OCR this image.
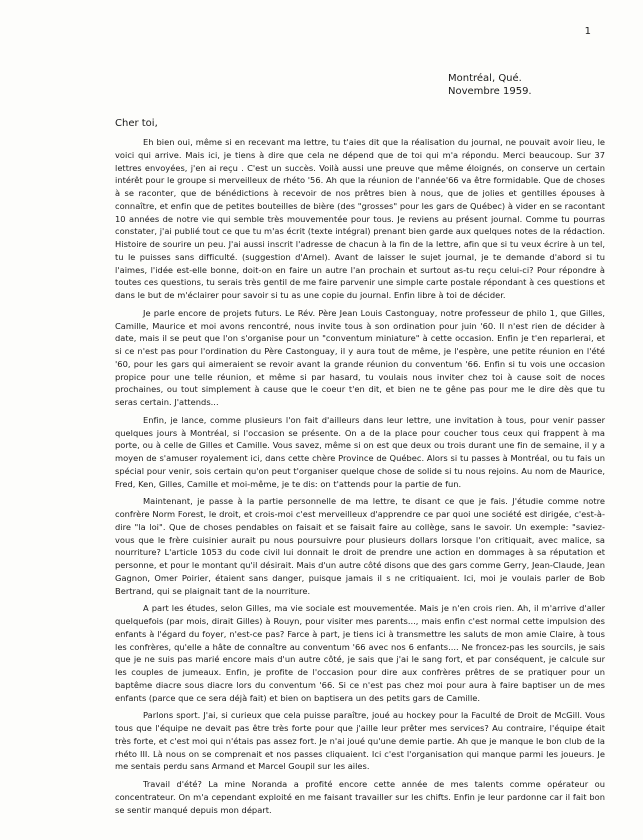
1
Montréal, Qué.
Novembre 1959.
Cher toi,

Eh bien oui, même si en recevant ma lettre, tu t'aies dit que la réalisation du journal, ne pouvait avoir lieu, le voici qui arrive. Mais ici, je tiens à dire que cela ne dépend que de toi qui m'a répondu. Merci beaucoup. Sur 37 lettres envoyées, j'en ai reçu . C'est un succès. Voilà aussi une preuve que même éloignés, on conserve un certain intérêt pour le groupe si merveilleux de rhéto '56. Ah que la réunion de l'année'66 va être formidable. Que de choses à se raconter, que de bénédictions à recevoir de nos prêtres bien à nous, que de jolies et gentilles épouses à connaître, et enfin que de petites bouteilles de bière (des "grosses" pour les gars de Québec) à vider en se racontant 10 années de notre vie qui semble très mouvementée pour tous. Je reviens au présent journal. Comme tu pourras constater, j'ai publié tout ce que tu m'as écrit (texte intégral) prenant bien garde aux quelques notes de la rédaction. Histoire de sourire un peu. J'ai aussi inscrit l'adresse de chacun à la fin de la lettre, afin que si tu veux écrire à un tel, tu le puisses sans difficulté. (suggestion d'Arnel). Avant de laisser le sujet journal, je te demande d'abord si tu l'aimes, l'idée est-elle bonne, doit-on en faire un autre l'an prochain et surtout as-tu reçu celui-ci? Pour répondre à toutes ces questions, tu serais très gentil de me faire parvenir une simple carte postale répondant à ces questions et dans le but de m'éclairer pour savoir si tu as une copie du journal. Enfin libre à toi de décider.

Je parle encore de projets futurs. Le Rév. Père Jean Louis Castonguay, notre professeur de philo 1, que Gilles, Camille, Maurice et moi avons rencontré, nous invite tous à son ordination pour juin '60. Il n'est rien de décider à date, mais il se peut que l'on s'organise pour un "conventum miniature" à cette occasion. Enfin je t'en reparlerai, et si ce n'est pas pour l'ordination du Père Castonguay, il y aura tout de même, je l'espère, une petite réunion en l'été '60, pour les gars qui aimeraient se revoir avant la grande réunion du conventum '66. Enfin si tu vois une occasion propice pour une telle réunion, et même si par hasard, tu voulais nous inviter chez toi à cause soit de noces prochaines, ou tout simplement à cause que le coeur t'en dit, et bien ne te gêne pas pour me le dire dès que tu seras certain. J'attends...

Enfin, je lance, comme plusieurs l'on fait d'ailleurs dans leur lettre, une invitation à tous, pour venir passer quelques jours à Montréal, si l'occasion se présente. On a de la place pour coucher tous ceux qui frappent à ma porte, ou à celle de Gilles et Camille. Vous savez, même si on est que deux ou trois durant une fin de semaine, il y a moyen de s'amuser royalement ici, dans cette chère Province de Québec. Alors si tu passes à Montréal, ou tu fais un spécial pour venir, sois certain qu'on peut t'organiser quelque chose de solide si tu nous rejoins. Au nom de Maurice, Fred, Ken, Gilles, Camille et moi-même, je te dis: on t'attends pour la partie de fun.

Maintenant, je passe à la partie personnelle de ma lettre, te disant ce que je fais. J'étudie comme notre confrère Norm Forest, le droit, et crois-moi c'est merveilleux d'apprendre ce par quoi une société est dirigée, c'est-à-dire "la loi". Que de choses pendables on faisait et se faisait faire au collège, sans le savoir. Un exemple: "saviez-vous que le frère cuisinier aurait pu nous poursuivre pour plusieurs dollars lorsque l'on critiquait, avec malice, sa nourriture? L'article 1053 du code civil lui donnait le droit de prendre une action en dommages à sa réputation et personne, et pour le montant qu'il désirait. Mais d'un autre côté disons que des gars comme Gerry, Jean-Claude, Jean Gagnon, Omer Poirier, étaient sans danger, puisque jamais il s ne critiquaient. Ici, moi je voulais parler de Bob Bertrand, qui se plaignait tant de la nourriture.

A part les études, selon Gilles, ma vie sociale est mouvementée. Mais je n'en crois rien. Ah, il m'arrive d'aller quelquefois (par mois, dirait Gilles) à Rouyn, pour visiter mes parents..., mais enfin c'est normal cette impulsion des enfants à l'égard du foyer, n'est-ce pas? Farce à part, je tiens ici à transmettre les saluts de mon amie Claire, à tous les confrères, qu'elle a hâte de connaître au conventum '66 avec nos 6 enfants.... Ne froncez-pas les sourcils, je sais que je ne suis pas marié encore mais d'un autre côté, je sais que j'ai le sang fort, et par conséquent, je calcule sur les couples de jumeaux. Enfin, je profite de l'occasion pour dire aux confrères prêtres de se pratiquer pour un baptême diacre sous diacre lors du conventum '66. Si ce n'est pas chez moi pour aura à faire baptiser un de mes enfants (parce que ce sera déjà fait) et bien on baptisera un des petits gars de Camille.

Parlons sport. J'ai, si curieux que cela puisse paraître, joué au hockey pour la Faculté de Droit de McGill. Vous tous que l'équipe ne devait pas être très forte pour que j'aille leur prêter mes services? Au contraire, l'équipe était très forte, et c'est moi qui n'étais pas assez fort. Je n'ai joué qu'une demie partie. Ah que je manque le bon club de la rhéto III. Là nous on se comprenait et nos passes cliquaient. Ici c'est l'organisation qui manque parmi les joueurs. Je me sentais perdu sans Armand et Marcel Goupil sur les ailes.

Travail d'été? La mine Noranda a profité encore cette année de mes talents comme opérateur ou concentrateur. On m'a cependant exploité en me faisant travailler sur les chifts. Enfin je leur pardonne car il fait bon se sentir manqué depuis mon départ.
